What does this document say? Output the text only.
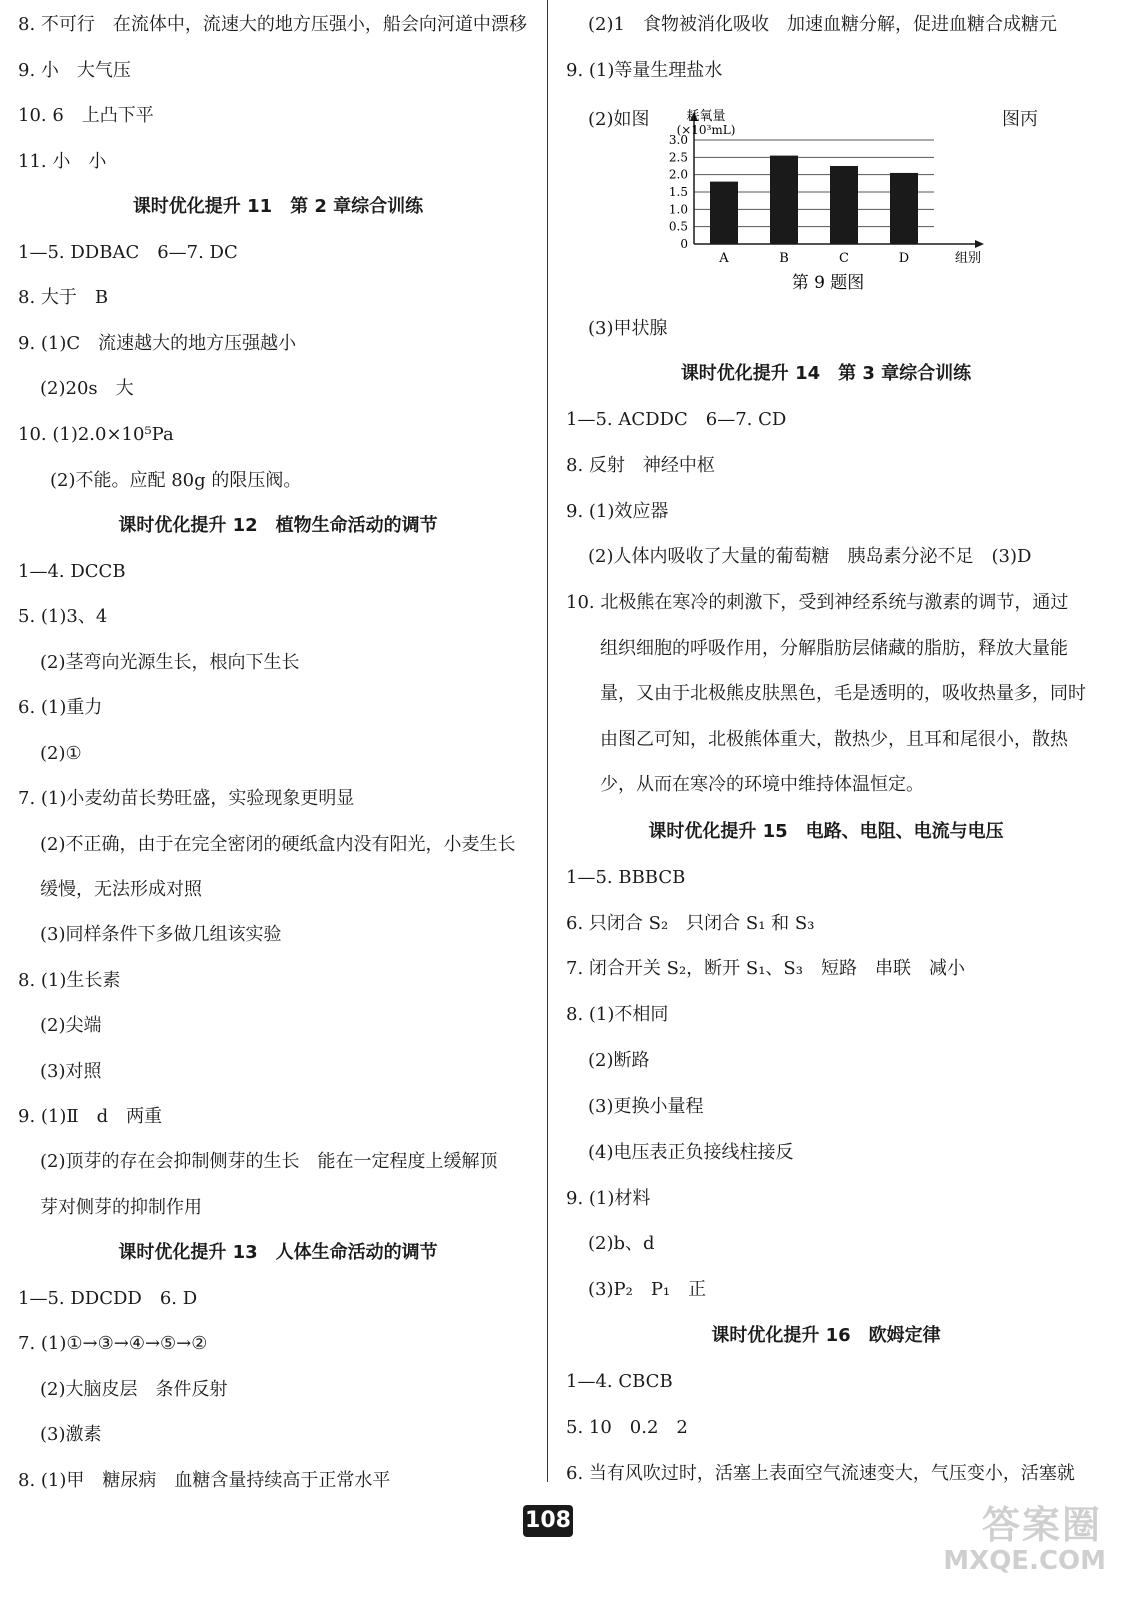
8. 不可行　在流体中，流速大的地方压强小，船会向河道中漂移
9. 小　大气压
10. 6　上凸下平
11. 小　小
课时优化提升 11　第 2 章综合训练
1—5. DDBAC　6—7. DC
8. 大于　B
9. (1)C　流速越大的地方压强越小
(2)20s　大
10. (1)2.0×10⁵Pa
(2)不能。应配 80g 的限压阀。
课时优化提升 12　植物生命活动的调节
1—4. DCCB
5. (1)3、4
(2)茎弯向光源生长，根向下生长
6. (1)重力
(2)①
7. (1)小麦幼苗长势旺盛，实验现象更明显
(2)不正确，由于在完全密闭的硬纸盒内没有阳光，小麦生长
缓慢，无法形成对照
(3)同样条件下多做几组该实验
8. (1)生长素
(2)尖端
(3)对照
9. (1)Ⅱ　d　两重
(2)顶芽的存在会抑制侧芽的生长　能在一定程度上缓解顶
芽对侧芽的抑制作用
课时优化提升 13　人体生命活动的调节
1—5. DDCDD　6. D
7. (1)①→③→④→⑤→②
(2)大脑皮层　条件反射
(3)激素
8. (1)甲　糖尿病　血糖含量持续高于正常水平
(2)1　食物被消化吸收　加速血糖分解，促进血糖合成糖元
9. (1)等量生理盐水
(2)如图	图丙
0
0.5
1.0
1.5
2.0
2.5
3.0
A	B	C	D
耗氧量
(×10³mL)
组别
第 9 题图
(3)甲状腺
课时优化提升 14　第 3 章综合训练
1—5. ACDDC　6—7. CD
8. 反射　神经中枢
9. (1)效应器
(2)人体内吸收了大量的葡萄糖　胰岛素分泌不足　(3)D
10. 北极熊在寒冷的刺激下，受到神经系统与激素的调节，通过
组织细胞的呼吸作用，分解脂肪层储藏的脂肪，释放大量能量，又由于北极熊皮肤黑色，毛是透明的，吸收热量多，同时由图乙可知，北极熊体重大，散热少，且耳和尾很小，散热少，从而在寒冷的环境中维持体温恒定。
课时优化提升 15　电路、电阻、电流与电压
1—5. BBBCB
6. 只闭合 S₂　只闭合 S₁ 和 S₃
7. 闭合开关 S₂，断开 S₁、S₃　短路　串联　减小
8. (1)不相同
(2)断路
(3)更换小量程
(4)电压表正负接线柱接反
9. (1)材料
(2)b、d
(3)P₂　P₁　正
课时优化提升 16　欧姆定律
1—4. CBCB
5. 10　0.2　2
6. 当有风吹过时，活塞上表面空气流速变大，气压变小，活塞就
108	答案圈
MXQE.COM
